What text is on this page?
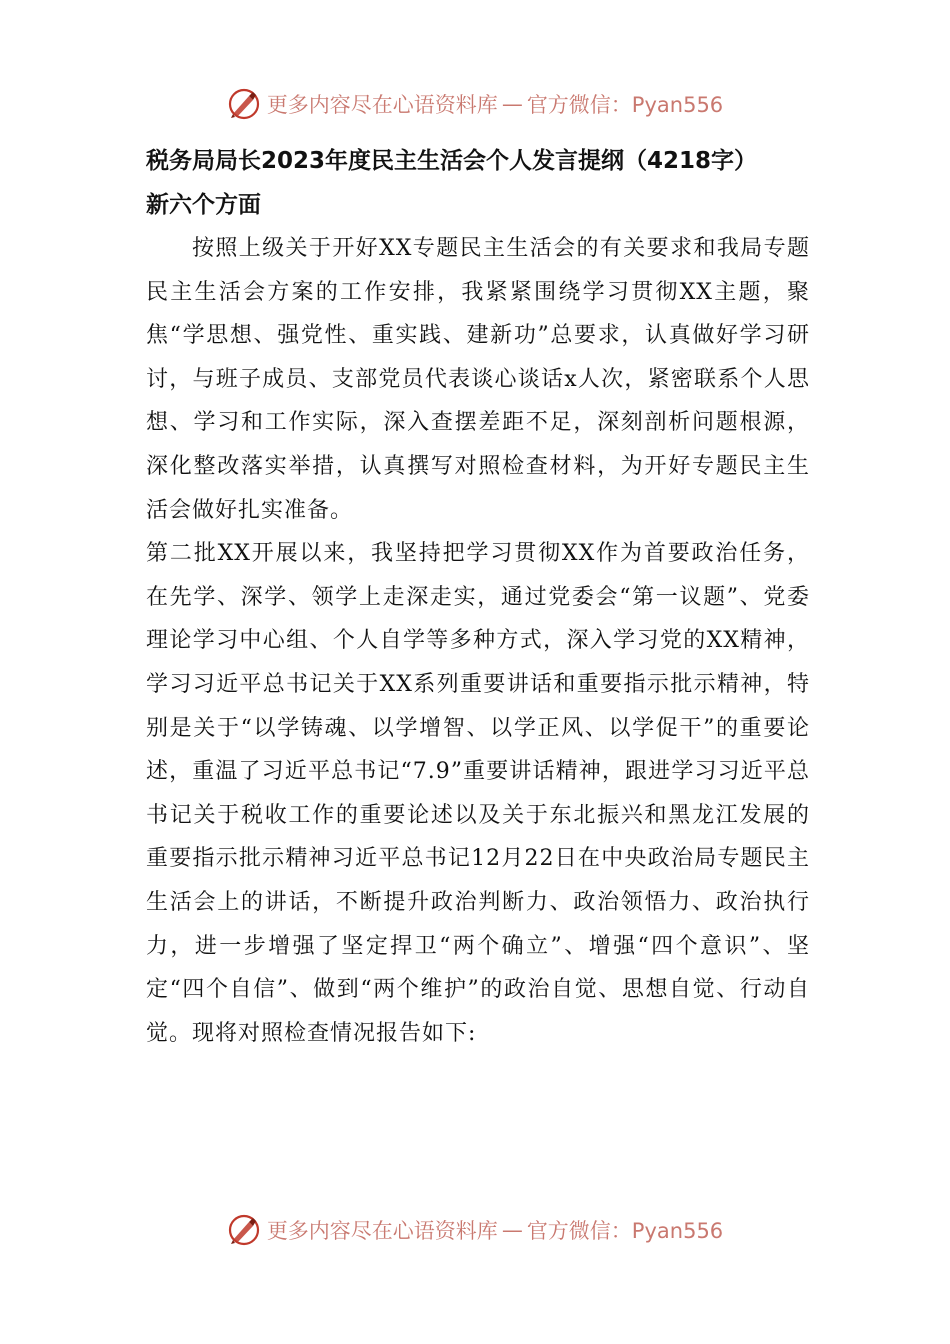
更多内容尽在心语资料库 — 官方微信：Pyan556

税务局局长2023年度民主生活会个人发言提纲（4218字）

新六个方面

按照上级关于开好XX专题民主生活会的有关要求和我局专题民主生活会方案的工作安排，我紧紧围绕学习贯彻XX主题，聚焦“学思想、强党性、重实践、建新功”总要求，认真做好学习研讨，与班子成员、支部党员代表谈心谈话x人次，紧密联系个人思想、学习和工作实际，深入查摆差距不足，深刻剖析问题根源，深化整改落实举措，认真撰写对照检查材料，为开好专题民主生活会做好扎实准备。

第二批XX开展以来，我坚持把学习贯彻XX作为首要政治任务，在先学、深学、领学上走深走实，通过党委会“第一议题”、党委理论学习中心组、个人自学等多种方式，深入学习党的XX精神，学习习近平总书记关于XX系列重要讲话和重要指示批示精神，特别是关于“以学铸魂、以学增智、以学正风、以学促干”的重要论述，重温了习近平总书记“7.9”重要讲话精神，跟进学习习近平总书记关于税收工作的重要论述以及关于东北振兴和黑龙江发展的重要指示批示精神习近平总书记12月22日在中央政治局专题民主生活会上的讲话，不断提升政治判断力、政治领悟力、政治执行力，进一步增强了坚定捍卫“两个确立”、增强“四个意识”、坚定“四个自信”、做到“两个维护”的政治自觉、思想自觉、行动自觉。现将对照检查情况报告如下:

更多内容尽在心语资料库 — 官方微信：Pyan556
